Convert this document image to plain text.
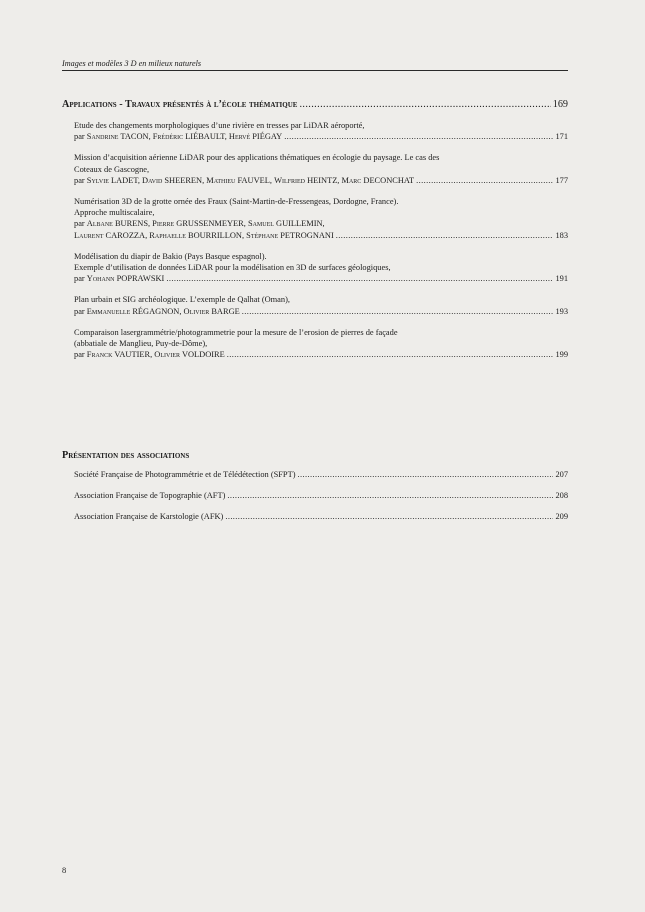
Images et modèles 3 D en milieux naturels
Applications - Travaux présentés à l’école thématique .....	169
Etude des changements morphologiques d’une rivière en tresses par LiDAR aéroporté,
par Sandrine TACON, Frédéric LIÉBAULT, Hervé PIÉGAY .....	171
Mission d’acquisition aérienne LiDAR pour des applications thématiques en écologie du paysage. Le cas des
Coteaux de Gascogne,
par Sylvie LADET, David SHEEREN, Mathieu FAUVEL, Wilfried HEINTZ, Marc DECONCHAT .....	177
Numérisation 3D de la grotte ornée des Fraux (Saint-Martin-de-Fressengeas, Dordogne, France).
Approche multiscalaire,
par Albane BURENS, Pierre GRUSSENMEYER, Samuel GUILLEMIN,
Laurent CAROZZA, Raphaelle BOURRILLON, Stéphane PETROGNANI .....	183
Modélisation du diapir de Bakio (Pays Basque espagnol).
Exemple d’utilisation de données LiDAR pour la modélisation en 3D de surfaces géologiques,
par Yohann POPRAWSKI .....	191
Plan urbain et SIG archéologique. L’exemple de Qalhat (Oman),
par Emmanuelle RÉGAGNON, Olivier BARGE .....	193
Comparaison lasergrammétrie/photogrammetrie pour la mesure de l’erosion de pierres de façade
(abbatiale de Manglieu, Puy-de-Dôme),
par Franck VAUTIER, Olivier VOLDOIRE .....	199
Présentation des associations
Société Française de Photogrammétrie et de Télédétection (SFPT) .....	207
Association Française de Topographie (AFT) .....	208
Association Française de Karstologie (AFK) .....	209
8
